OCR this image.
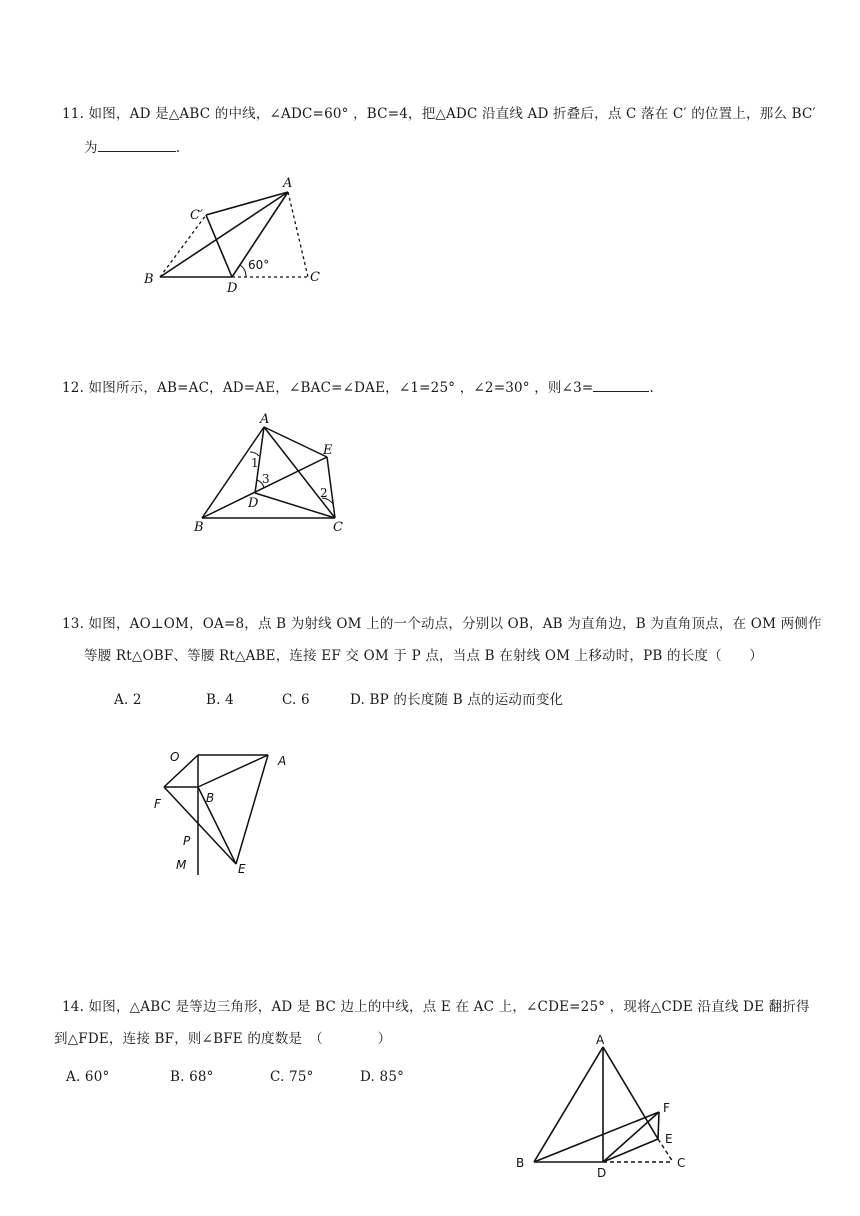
11. 如图，AD 是△ABC 的中线，∠ADC=60° ，BC=4，把△ADC 沿直线 AD 折叠后，点 C 落在 C′ 的位置上，那么 BC′
为	.
A
C′
B
D
C
60°
12. 如图所示，AB=AC，AD=AE，∠BAC=∠DAE，∠1=25° ，∠2=30° ，则∠3=	.
A
E
B	C
D
1
3
2
13. 如图，AO⊥OM，OA=8，点 B 为射线 OM 上的一个动点，分别以 OB，AB 为直角边，B 为直角顶点，在 OM 两侧作
等腰 Rt△OBF、等腰 Rt△ABE，连接 EF 交 OM 于 P 点，当点 B 在射线 OM 上移动时，PB 的长度（　　）
A. 2	B. 4	C. 6	D. BP 的长度随 B 点的运动而变化
O	A
F	B
P
M	E
14. 如图，△ABC 是等边三角形，AD 是 BC 边上的中线，点 E 在 AC 上，∠CDE=25° ，现将△CDE 沿直线 DE 翻折得
到△FDE，连接 BF，则∠BFE 的度数是　（　　　　）
A. 60°	B. 68°	C. 75°	D. 85°
A
F
E
B
D
C
